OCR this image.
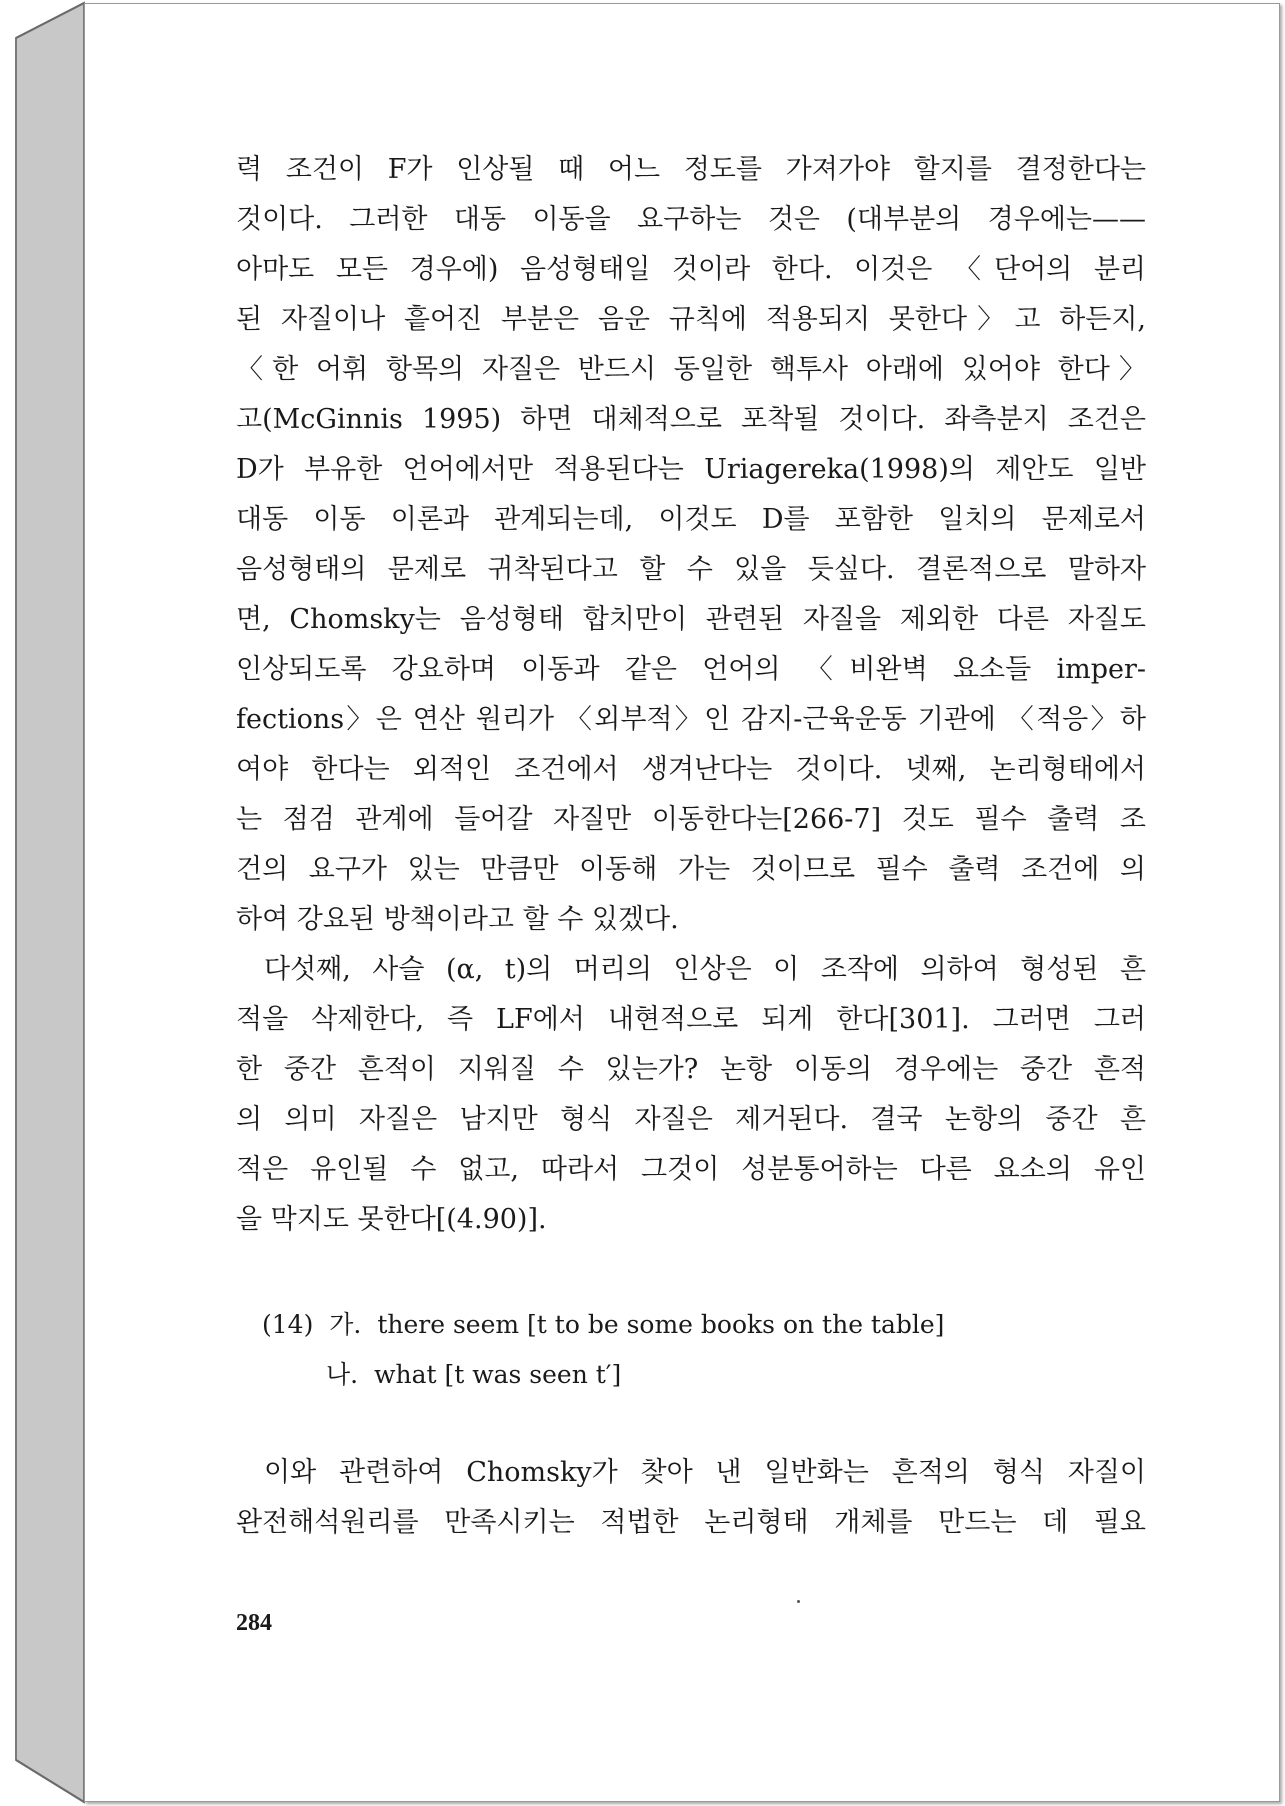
력 조건이 F가 인상될 때 어느 정도를 가져가야 할지를 결정한다는
것이다. 그러한 대동 이동을 요구하는 것은 (대부분의 경우에는——
아마도 모든 경우에) 음성형태일 것이라 한다. 이것은 〈단어의 분리
된 자질이나 흩어진 부분은 음운 규칙에 적용되지 못한다〉고 하든지,
〈한 어휘 항목의 자질은 반드시 동일한 핵투사 아래에 있어야 한다〉
고(McGinnis 1995) 하면 대체적으로 포착될 것이다. 좌측분지 조건은
D가 부유한 언어에서만 적용된다는 Uriagereka(1998)의 제안도 일반
대동 이동 이론과 관계되는데, 이것도 D를 포함한 일치의 문제로서
음성형태의 문제로 귀착된다고 할 수 있을 듯싶다. 결론적으로 말하자
면, Chomsky는 음성형태 합치만이 관련된 자질을 제외한 다른 자질도
인상되도록 강요하며 이동과 같은 언어의 〈비완벽 요소들 imper-
fections〉은 연산 원리가 〈외부적〉인 감지-근육운동 기관에 〈적응〉하
여야 한다는 외적인 조건에서 생겨난다는 것이다. 넷째, 논리형태에서
는 점검 관계에 들어갈 자질만 이동한다는[266-7] 것도 필수 출력 조
건의 요구가 있는 만큼만 이동해 가는 것이므로 필수 출력 조건에 의
하여 강요된 방책이라고 할 수 있겠다.
다섯째, 사슬 (α, t)의 머리의 인상은 이 조작에 의하여 형성된 흔
적을 삭제한다, 즉 LF에서 내현적으로 되게 한다[301]. 그러면 그러
한 중간 흔적이 지워질 수 있는가? 논항 이동의 경우에는 중간 흔적
의 의미 자질은 남지만 형식 자질은 제거된다. 결국 논항의 중간 흔
적은 유인될 수 없고, 따라서 그것이 성분통어하는 다른 요소의 유인
을 막지도 못한다[(4.90)].
(14) 가. there seem [t to be some books on the table]
나. what [t was seen t′]
이와 관련하여 Chomsky가 찾아 낸 일반화는 흔적의 형식 자질이
완전해석원리를 만족시키는 적법한 논리형태 개체를 만드는 데 필요
284
